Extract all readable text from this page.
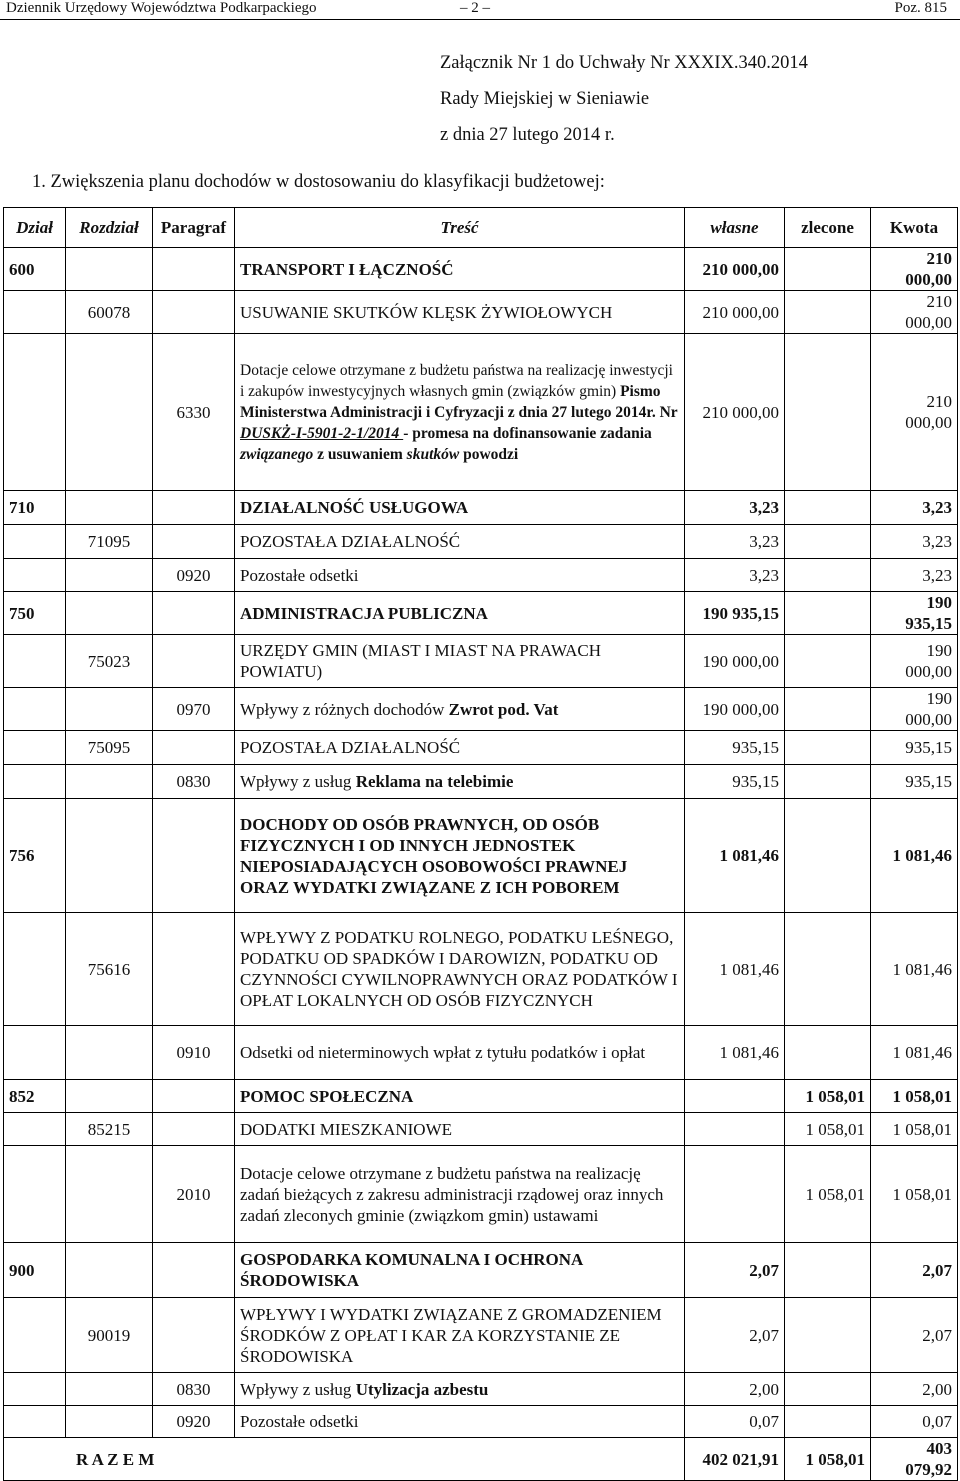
Dziennik Urzędowy Województwa Podkarpackiego	– 2 –	Poz. 815
Załącznik Nr 1 do Uchwały Nr XXXIX.340.2014
Rady Miejskiej w Sieniawie
z dnia 27 lutego 2014 r.
1. Zwiększenia planu dochodów w dostosowaniu do klasyfikacji budżetowej:
Dział	Rozdział	Paragraf	Treść	własne	zlecone	Kwota
600			TRANSPORT I ŁĄCZNOŚĆ	210 000,00		210 000,00
	60078		USUWANIE SKUTKÓW KLĘSK ŻYWIOŁOWYCH	210 000,00		210 000,00
		6330	Dotacje celowe otrzymane z budżetu państwa na realizację inwestycji i zakupów inwestycyjnych własnych gmin (związków gmin) Pismo Ministerstwa Administracji i Cyfryzacji z dnia 27 lutego 2014r. Nr DUSKŻ-I-5901-2-1/2014 - promesa na dofinansowanie zadania związanego z usuwaniem skutków powodzi	210 000,00		210 000,00
710			DZIAŁALNOŚĆ USŁUGOWA	3,23		3,23
	71095		POZOSTAŁA DZIAŁALNOŚĆ	3,23		3,23
		0920	Pozostałe odsetki	3,23		3,23
750			ADMINISTRACJA PUBLICZNA	190 935,15		190 935,15
	75023		URZĘDY GMIN (MIAST I MIAST NA PRAWACH POWIATU)	190 000,00		190 000,00
		0970	Wpływy z różnych dochodów Zwrot pod. Vat	190 000,00		190 000,00
	75095		POZOSTAŁA DZIAŁALNOŚĆ	935,15		935,15
		0830	Wpływy z usług Reklama na telebimie	935,15		935,15
756			DOCHODY OD OSÓB PRAWNYCH, OD OSÓB FIZYCZNYCH I OD INNYCH JEDNOSTEK NIEPOSIADAJĄCYCH OSOBOWOŚCI PRAWNEJ ORAZ WYDATKI ZWIĄZANE Z ICH POBOREM	1 081,46		1 081,46
	75616		WPŁYWY Z PODATKU ROLNEGO, PODATKU LEŚNEGO, PODATKU OD SPADKÓW I DAROWIZN, PODATKU OD CZYNNOŚCI CYWILNOPRAWNYCH ORAZ PODATKÓW I OPŁAT LOKALNYCH OD OSÓB FIZYCZNYCH	1 081,46		1 081,46
		0910	Odsetki od nieterminowych wpłat z tytułu podatków i opłat	1 081,46		1 081,46
852			POMOC SPOŁECZNA		1 058,01	1 058,01
	85215		DODATKI MIESZKANIOWE		1 058,01	1 058,01
		2010	Dotacje celowe otrzymane z budżetu państwa na realizację zadań bieżących z zakresu administracji rządowej oraz innych zadań zleconych gminie (związkom gmin) ustawami		1 058,01	1 058,01
900			GOSPODARKA KOMUNALNA I OCHRONA ŚRODOWISKA	2,07		2,07
	90019		WPŁYWY I WYDATKI ZWIĄZANE Z GROMADZENIEM ŚRODKÓW Z OPŁAT I KAR ZA KORZYSTANIE ZE ŚRODOWISKA	2,07		2,07
		0830	Wpływy z usług Utylizacja azbestu	2,00		2,00
		0920	Pozostałe odsetki	0,07		0,07
R A Z E M				402 021,91	1 058,01	403 079,92
